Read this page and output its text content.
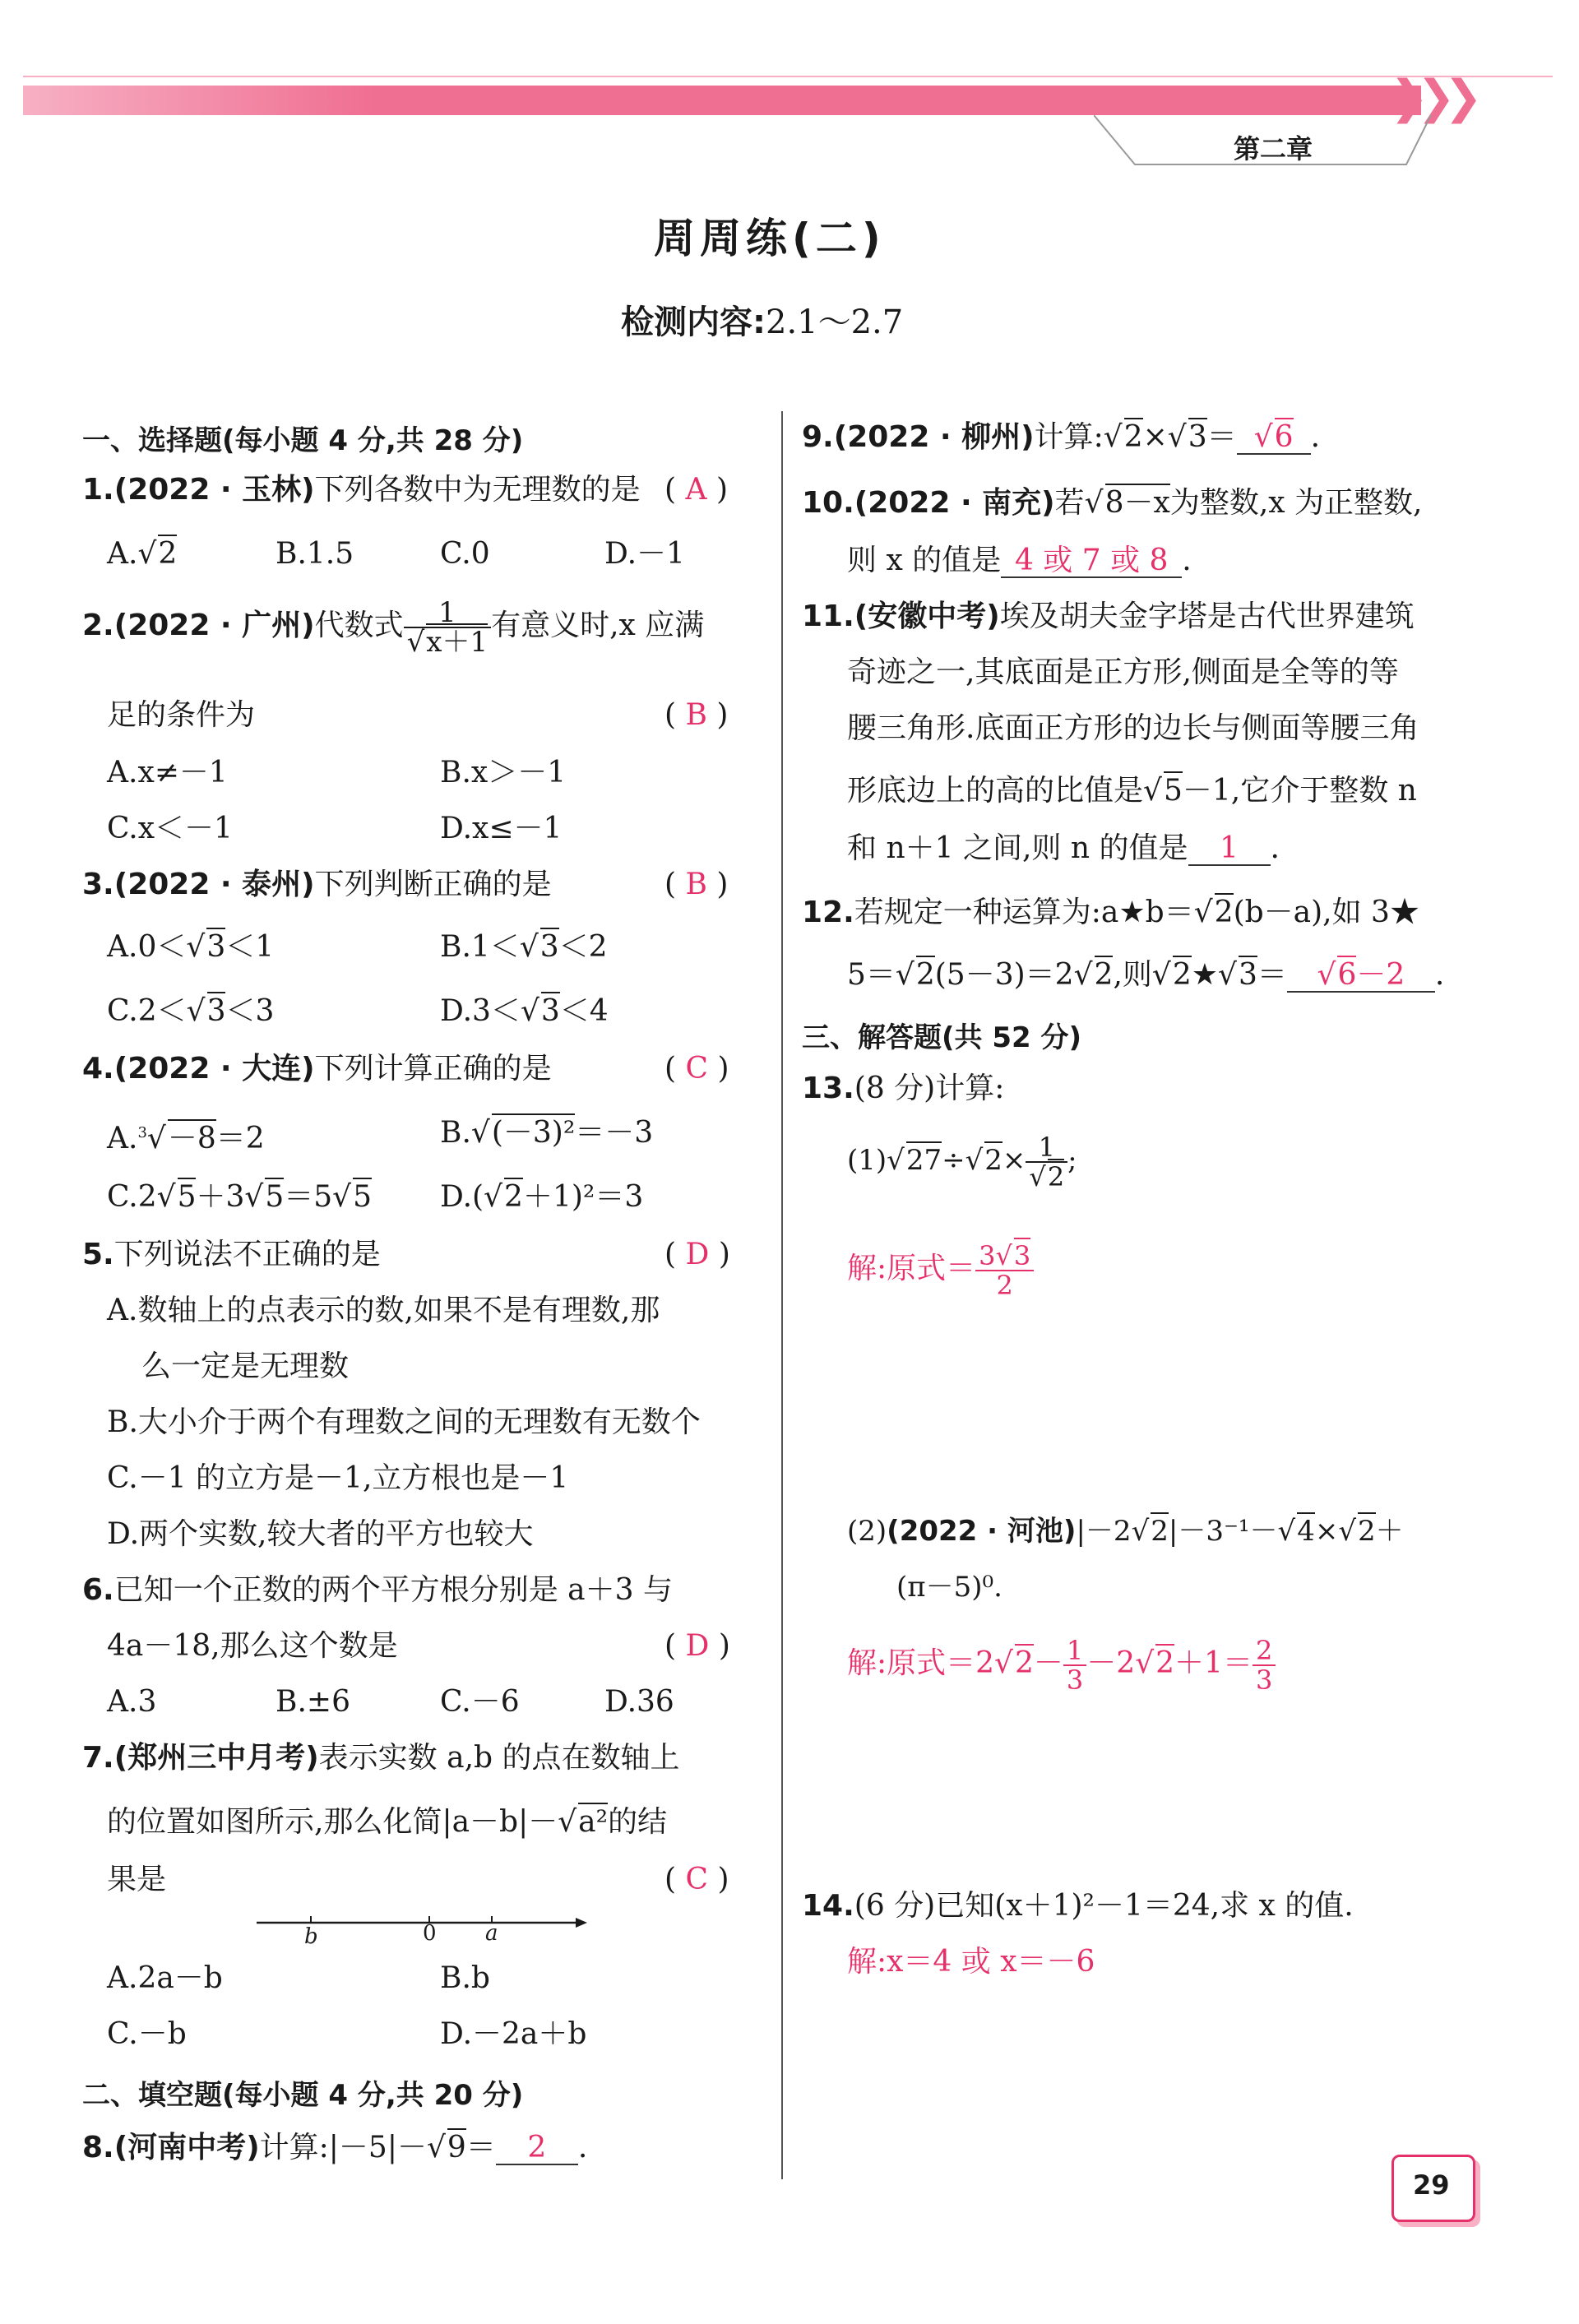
❯❯❯
第二章
周周练(二)
检测内容:2.1～2.7
一、选择题(每小题 4 分,共 28 分)
1.(2022 · 玉林)下列各数中为无理数的是 ( A )
A.√2	B.1.5	C.0	D.－1
2.(2022 · 广州)代数式 $\frac{1}{√x+1}$ 有意义时,x 应满
足的条件为	( B )
A.x≠－1	B.x＞－1
C.x＜－1	D.x≤－1
3.(2022 · 泰州)下列判断正确的是	( B )
A.0＜√3＜1	B.1＜√3＜2
C.2＜√3＜3	D.3＜√3＜4
4.(2022 · 大连)下列计算正确的是	( C )
A.$^3$√－8＝2	B.√(－3)²＝－3
C.2√5＋3√5＝5√5 D.(√2＋1)²＝3
5.下列说法不正确的是	( D )
A.数轴上的点表示的数,如果不是有理数,那
么一定是无理数
B.大小介于两个有理数之间的无理数有无数个
C.－1 的立方是－1,立方根也是－1
D.两个实数,较大者的平方也较大
6.已知一个正数的两个平方根分别是 a＋3 与
4a－18,那么这个数是	( D )
A.3	B.±6	C.－6	D.36
7.(郑州三中月考)表示实数 a,b 的点在数轴上
的位置如图所示,那么化简|a－b|－√a²的结
果是	( C )
b	0 a
A.2a－b	B.b
C.－b	D.－2a＋b
二、填空题(每小题 4 分,共 20 分)
8.(河南中考)计算:|－5|－√9＝ 2 .
9.(2022 · 柳州)计算:√2×√3＝ √6 .
10.(2022 · 南充)若√8－x为整数,x 为正整数,
则 x 的值是 4 或 7 或 8 .
11.(安徽中考)埃及胡夫金字塔是古代世界建筑
奇迹之一,其底面是正方形,侧面是全等的等
腰三角形.底面正方形的边长与侧面等腰三角
形底边上的高的比值是√5－1,它介于整数 n
和 n＋1 之间,则 n 的值是 1 .
12.若规定一种运算为:a★b＝√2(b－a),如 3★
5＝√2(5－3)＝2√2,则√2★√3＝ √6－2 .
三、解答题(共 52 分)
13.(8 分)计算:
$(1)√27\div√2\times \frac{1}{√2}$ ;
解:原式＝ $\frac{3√3}{2}$
(2)(2022 · 河池)|－2√2|－3⁻¹－√4×√2＋
(π－5)⁰.
解:原式$=2√2- \frac{1}{3} -2√2+1= \frac{2}{3}$
14.(6 分)已知(x＋1)²－1＝24,求 x 的值.
解:x＝4 或 x＝－6
29
